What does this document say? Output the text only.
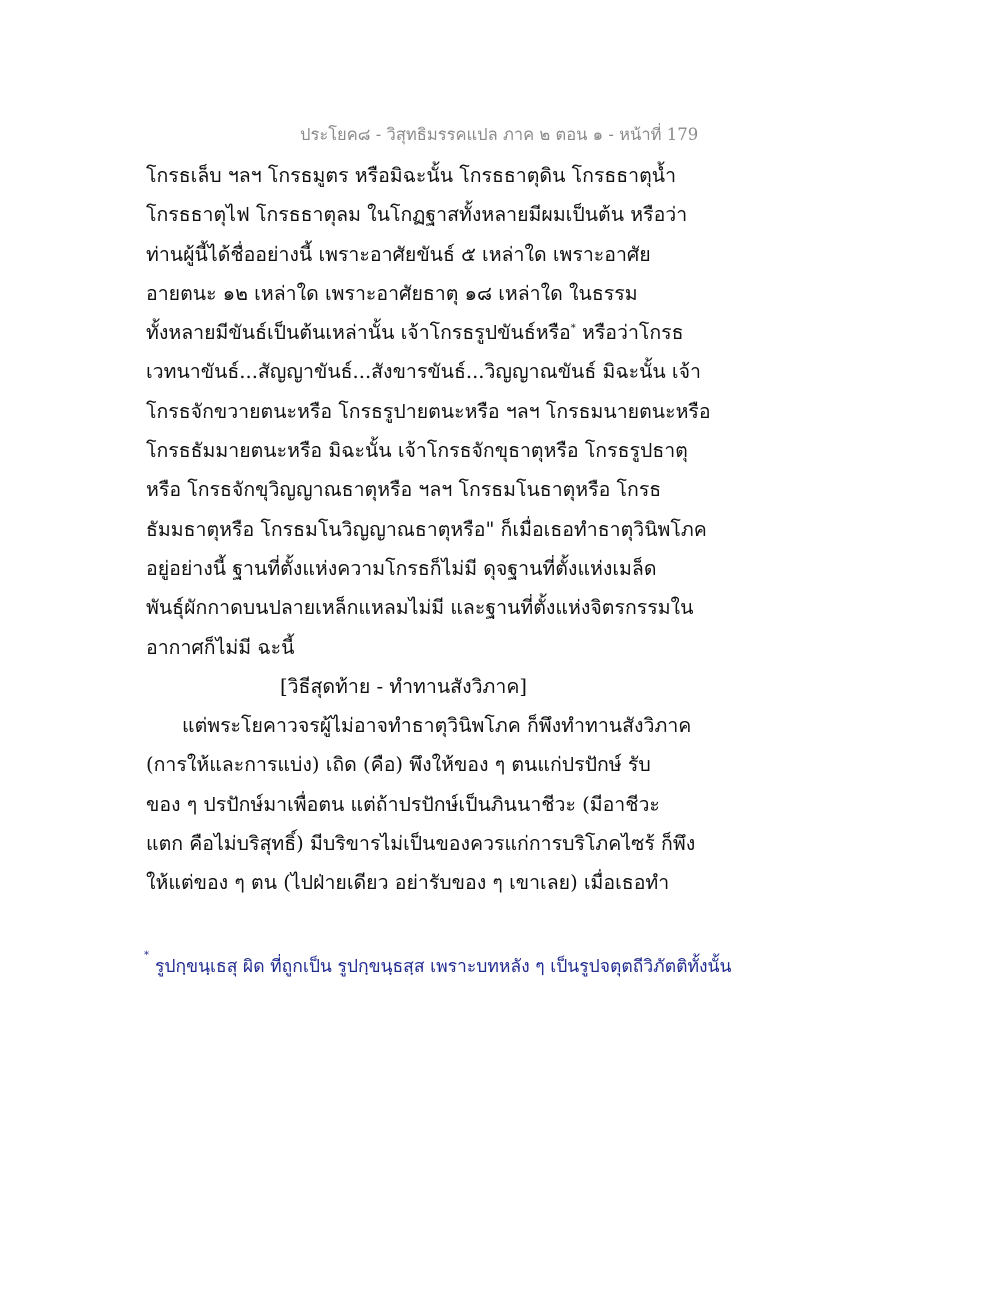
ประโยค๘ - วิสุทธิมรรคแปล ภาค ๒ ตอน ๑ - หน้าที่ 179
โกรธเล็บ ฯลฯ โกรธมูตร หรือมิฉะนั้น โกรธธาตุดิน โกรธธาตุน้ำ
โกรธธาตุไฟ โกรธธาตุลม ในโกฏฐาสทั้งหลายมีผมเป็นต้น หรือว่า
ท่านผู้นี้ได้ชื่ออย่างนี้ เพราะอาศัยขันธ์ ๕ เหล่าใด เพราะอาศัย
อายตนะ ๑๒ เหล่าใด เพราะอาศัยธาตุ ๑๘ เหล่าใด ในธรรม
ทั้งหลายมีขันธ์เป็นต้นเหล่านั้น เจ้าโกรธรูปขันธ์หรือ* หรือว่าโกรธ
เวทนาขันธ์...สัญญาขันธ์...สังขารขันธ์...วิญญาณขันธ์ มิฉะนั้น เจ้า
โกรธจักขวายตนะหรือ โกรธรูปายตนะหรือ ฯลฯ โกรธมนายตนะหรือ
โกรธธัมมายตนะหรือ มิฉะนั้น เจ้าโกรธจักขุธาตุหรือ โกรธรูปธาตุ
หรือ โกรธจักขุวิญญาณธาตุหรือ ฯลฯ โกรธมโนธาตุหรือ โกรธ
ธัมมธาตุหรือ โกรธมโนวิญญาณธาตุหรือ" ก็เมื่อเธอทำธาตุวินิพโภค
อยู่อย่างนี้ ฐานที่ตั้งแห่งความโกรธก็ไม่มี ดุจฐานที่ตั้งแห่งเมล็ด
พันธุ์ผักกาดบนปลายเหล็กแหลมไม่มี และฐานที่ตั้งแห่งจิตรกรรมใน
อากาศก็ไม่มี ฉะนี้
[วิธีสุดท้าย - ทำทานสังวิภาค]
แต่พระโยคาวจรผู้ไม่อาจทำธาตุวินิพโภค ก็พึงทำทานสังวิภาค
(การให้และการแบ่ง) เถิด (คือ) พึงให้ของ ๆ ตนแก่ปรปักษ์ รับ
ของ ๆ ปรปักษ์มาเพื่อตน แต่ถ้าปรปักษ์เป็นภินนาชีวะ (มีอาชีวะ
แตก คือไม่บริสุทธิ์) มีบริขารไม่เป็นของควรแก่การบริโภคไซร้ ก็พึง
ให้แต่ของ ๆ ตน (ไปฝ่ายเดียว อย่ารับของ ๆ เขาเลย) เมื่อเธอทำ
*รูปกฺขนฺเธสุ ผิด ที่ถูกเป็น รูปกฺขนฺธสฺส เพราะบทหลัง ๆ เป็นรูปจตุตถีวิภัตติทั้งนั้น
